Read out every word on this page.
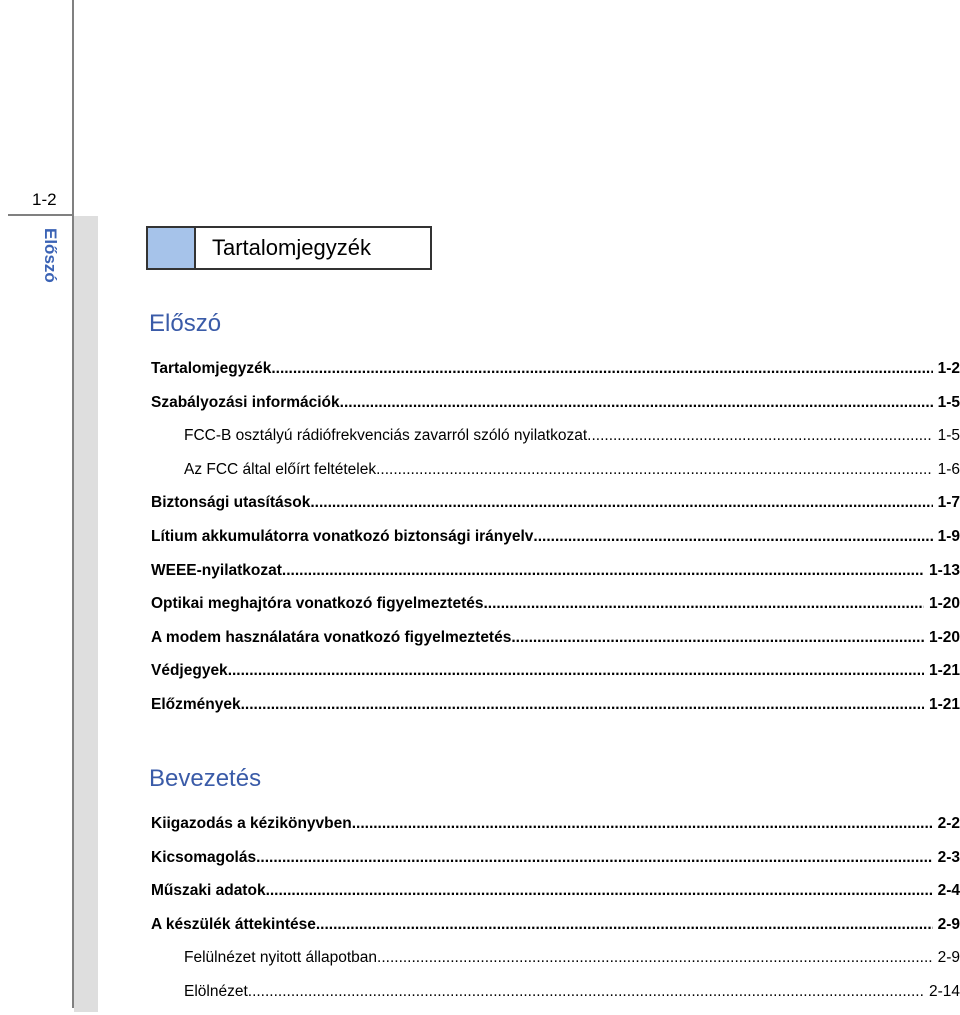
1-2
Előszó	Tartalomjegyzék
Előszó
Bevezetés
Tartalomjegyzék .....	1-2
Szabályozási információk .....	1-5
FCC-B osztályú rádiófrekvenciás zavarról szóló nyilatkozat .....	1-5
Az FCC által előírt feltételek .....	1-6
Biztonsági utasítások .....	1-7
Lítium akkumulátorra vonatkozó biztonsági irányelv .....	1-9
WEEE-nyilatkozat .....	1-13
Optikai meghajtóra vonatkozó figyelmeztetés .....	1-20
A modem használatára vonatkozó figyelmeztetés .....	1-20
Védjegyek .....	1-21
Előzmények .....	1-21
Kiigazodás a kézikönyvben .....	2-2
Kicsomagolás .....	2-3
Műszaki adatok .....	2-4
A készülék áttekintése .....	2-9
Felülnézet nyitott állapotban .....	2-9
Elölnézet .....	2-14
